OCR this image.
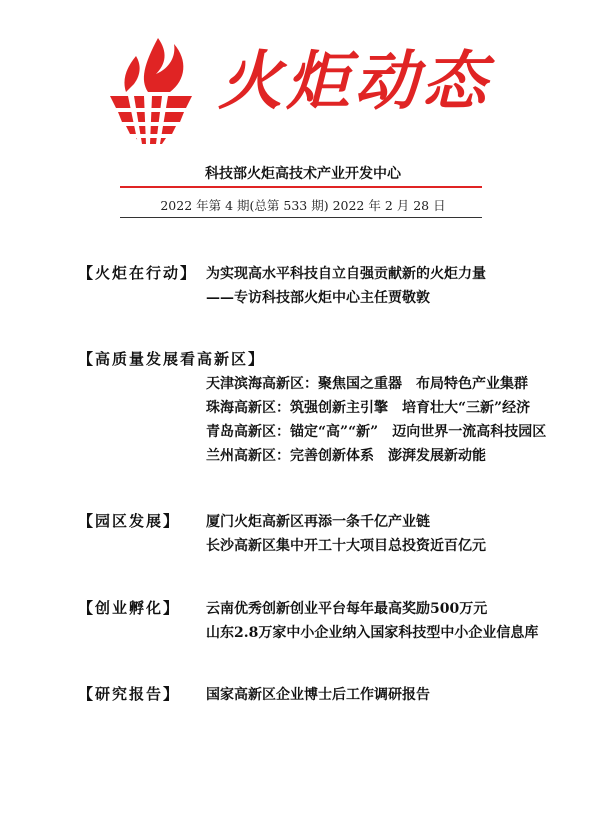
火炬动态
科技部火炬高技术产业开发中心
2022 年第 4 期(总第 533 期) 2022 年 2 月 28 日
【火炬在行动】 为实现高水平科技自立自强贡献新的火炬力量
——专访科技部火炬中心主任贾敬敦
【高质量发展看高新区】
天津滨海高新区：聚焦国之重器　布局特色产业集群
珠海高新区：筑强创新主引擎　培育壮大“三新”经济
青岛高新区：锚定“高”“新”　迈向世界一流高科技园区
兰州高新区：完善创新体系　澎湃发展新动能
【园区发展】 厦门火炬高新区再添一条千亿产业链
长沙高新区集中开工十大项目总投资近百亿元
【创业孵化】 云南优秀创新创业平台每年最高奖励500万元
山东2.8万家中小企业纳入国家科技型中小企业信息库
【研究报告】 国家高新区企业博士后工作调研报告
